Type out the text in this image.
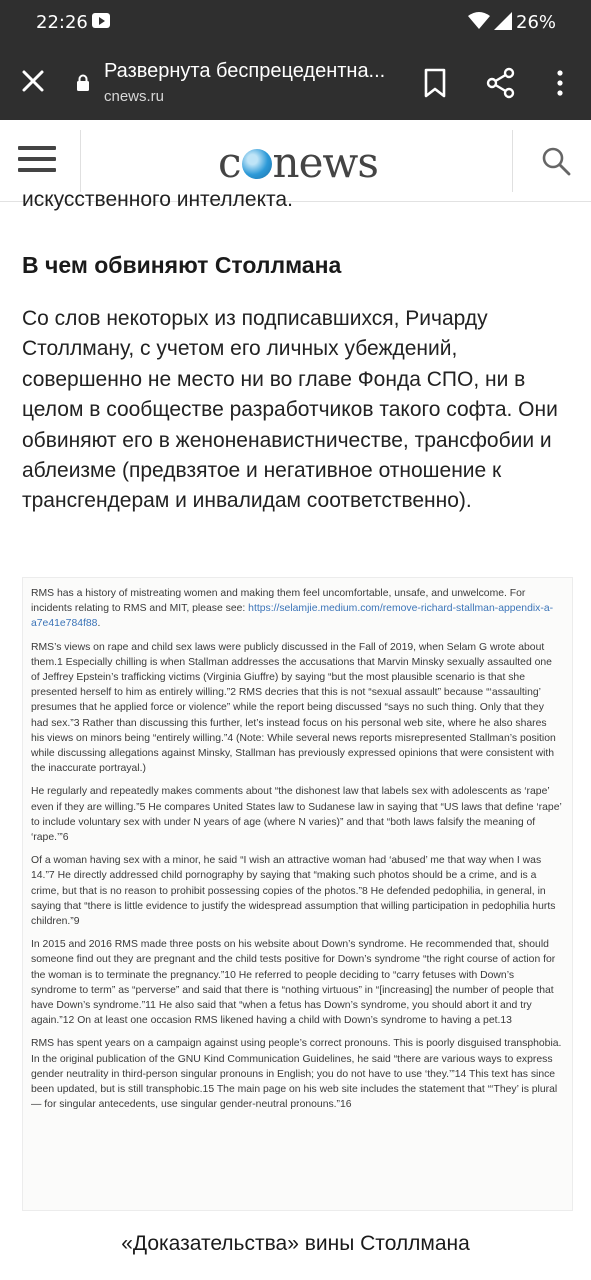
22:26	26%
Развернута беспрецедентна...
cnews.ru
c news
искусственного интеллекта.
В чем обвиняют Столлмана

Со слов некоторых из подписавшихся, Ричарду Столлману, с учетом его личных убеждений, совершенно не место ни во главе Фонда СПО, ни в целом в сообществе разработчиков такого софта. Они обвиняют его в женоненавистничестве, трансфобии и аблеизме (предвзятое и негативное отношение к трансгендерам и инвалидам соответственно).

RMS has a history of mistreating women and making them feel uncomfortable, unsafe, and unwelcome. For incidents relating to RMS and MIT, please see: https://selamjie.medium.com/remove-richard-stallman-appendix-a-a7e41e784f88.

RMS’s views on rape and child sex laws were publicly discussed in the Fall of 2019, when Selam G wrote about them.1 Especially chilling is when Stallman addresses the accusations that Marvin Minsky sexually assaulted one of Jeffrey Epstein’s trafficking victims (Virginia Giuffre) by saying “but the most plausible scenario is that she presented herself to him as entirely willing.”2 RMS decries that this is not “sexual assault” because “‘assaulting’ presumes that he applied force or violence” while the report being discussed “says no such thing. Only that they had sex.”3 Rather than discussing this further, let’s instead focus on his personal web site, where he also shares his views on minors being “entirely willing.”4 (Note: While several news reports misrepresented Stallman’s position while discussing allegations against Minsky, Stallman has previously expressed opinions that were consistent with the inaccurate portrayal.)

He regularly and repeatedly makes comments about “the dishonest law that labels sex with adolescents as ‘rape’ even if they are willing.”5 He compares United States law to Sudanese law in saying that “US laws that define ‘rape’ to include voluntary sex with under N years of age (where N varies)” and that “both laws falsify the meaning of ‘rape.’”6

Of a woman having sex with a minor, he said “I wish an attractive woman had ‘abused’ me that way when I was 14.”7 He directly addressed child pornography by saying that “making such photos should be a crime, and is a crime, but that is no reason to prohibit possessing copies of the photos.”8 He defended pedophilia, in general, in saying that “there is little evidence to justify the widespread assumption that willing participation in pedophilia hurts children.”9

In 2015 and 2016 RMS made three posts on his website about Down’s syndrome. He recommended that, should someone find out they are pregnant and the child tests positive for Down’s syndrome “the right course of action for the woman is to terminate the pregnancy.”10 He referred to people deciding to “carry fetuses with Down’s syndrome to term” as “perverse” and said that there is “nothing virtuous” in “[increasing] the number of people that have Down’s syndrome.”11 He also said that “when a fetus has Down’s syndrome, you should abort it and try again.”12 On at least one occasion RMS likened having a child with Down’s syndrome to having a pet.13

RMS has spent years on a campaign against using people’s correct pronouns. This is poorly disguised transphobia. In the original publication of the GNU Kind Communication Guidelines, he said “there are various ways to express gender neutrality in third-person singular pronouns in English; you do not have to use ‘they.’”14 This text has since been updated, but is still transphobic.15 The main page on his web site includes the statement that “‘They’ is plural — for singular antecedents, use singular gender-neutral pronouns.”16

«Доказательства» вины Столлмана
